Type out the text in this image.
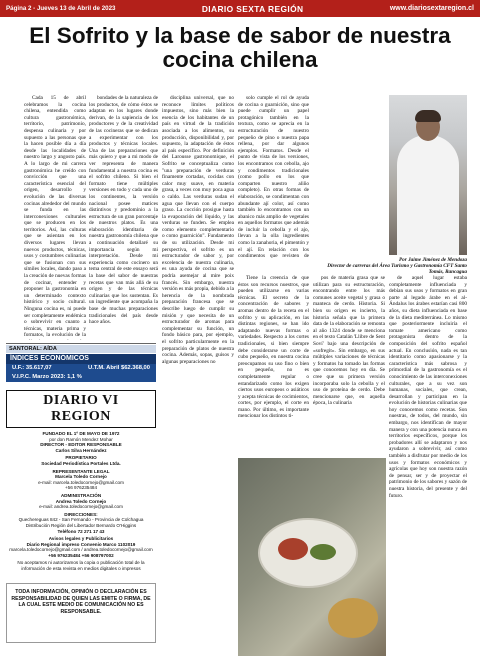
Página 2 - Jueves 13 de Abril de 2023	DIARIO SEXTA REGIÓN	www.diariosextaregion.cl
El Sofrito y la base de sabor de nuestra cocina chilena

Cada 15 de abril celebramos la cocina chilena, entendida como cultura gastronómica, territorio, patrimonio, despensa culinaria y por supuesto a las personas que la hacen posible día a día desde las localidades de nuestro largo y angosto país. A lo largo de mi carrera gastronómica he creído con convicción que una característica esencial del origen, desarrollo y evolución de las diversas cocinas alrededor del mundo se funda en las interconexiones culturales que se producen en los territorios. Así, las culturas que se asientan en los diversos lugares llevan nuevos productos, técnicas, usos y costumbres culinarias que se fusionan con sus símiles locales, dando paso a la creación de nuevas formas de cocinar, entender y proponer la gastronomía en un determinado contexto histórico y socio cultural. Ninguna cocina es, ni puede ser completamente endémica o sobrevivir en cuanto a técnicas, materia prima y formatos, la evolución de la

bondades de la naturaleza de los productos, de cómo éstos se adaptan en los lugares donde derivan, de la sapiencia de los productores y de la creatividad de las cocineras que se dedican a experimentar con los productos y técnicas locales. Una de las preparaciones que más quiero y que a mi modo de ver representa de manera fundamental a nuestra cocina es el sofrito chileno. Si bien el formato tiene múltiples versiones en todo y cada uno de los continentes, la versión nacional posee matices distintivos y predominio a la estructura de un gran porcentaje de nuestros platos. Es una elaboración identitaria de nuestra gastronomía chilena que a continuación detallaré su importancia según mi interpretación. Desde mi experiencia como cocinero un tema central de este ensayo será la base del sabor de nuestras recetas que van más allá de su origen y de las técnicas culinarias que los sustentan. Es un ingrediente que acompaña la base de muchas preparaciones tradicionales del país desde hace años.

disciplina universal, que no reconoce límites políticos impuestos, sino más bien la esencia de los habitantes de un país en virtud de la tradición asociada a los alimentos, su producción, disponibilidad y, por supuesto, la adaptación de éstos al país específico. Por definición del Larousse gastronomique, el Sofrito se conceptualiza como "una preparación de verduras finamente cortadas, cocidas con calor muy suave, en materia grasa, a veces con muy poca agua o caldo. Las verduras sudan el agua que llevan con el cuerpo graso. La cocción prosigue hasta la evaporación del líquido, y las verduras se funden. Se emplea como elemento complementario o como guarnición". Fundamento de su utilización. Desde mi perspectiva, el sofrito es un estructurador de sabor y, por excelencia de nuestra culinaria, es una ayuda de cocina que se podría asemejar al mire poix francés. Sin embargo, nuestra versión es más propia, debido a la herencia de la nombrada preparación francesa que se describe luego de cumplir su misión y que necesita de un estructurador de aromas para complementar su función, un fondo básico para, por ejemplo, el sofrito particularmente en la preparación de platos de nuestra cocina. Además, sopas, guisos y algunas preparaciones no

solo cumple el rol de ayuda de cocina o guarnición, sino que puede cumplir un papel protagónico también en la textura, como se aprecia en la estructuración de nuestro pequeño de pino o nuestra papa rellena, por dar algunos ejemplos. Formatos. Desde el punto de vista de los versiones, los encontramos con cebolla, ajo y condimentos tradicionales (como pollo en los que comparten nuestro aliño completo). En otras formas de elaboración, se condimentan con abundante ají color, así como también lo encontramos con un abanico más amplio de vegetales en aquellos formatos que además de incluir la cebolla y el ajo, llevan a la olla ingredientes como la zanahoria, el pimentón y el ají. En relación con los condimentos que revisten de

Por Jaime Jiménez de Mendoza
Director de carreras del Área Turismo y Gastronomía CFT Santo Tomás, Rancagua

Tiene la creencia de que éstos son recursos nuestros, que pueden utilizarse en varias técnicas. El secreto de la concentración de sabores y aromas dentro de la receta en el sofrito y su aplicación, en las distintas regiones, se han ido adaptando nuevas formas o variedades. Respecto a los cortes tradicionales, si bien siempre debe considerarse un corte de cubo pequeño, en nuestra cocina preocupamos su uso fino o bien en pequeño, no es completamente regular o estandarizado como los exigen ciertos usos europeos o asiáticos y acepta técnicas de cocimientos, cortes, por ejemplo, el corte en mano. Por último, es importante mencionar los distintos ti-

pos de materia grasa que se utilizan para su estructuración, encontrando entre los más comunes aceite vegetal y grasa o manteca de cerdo. Historia. Si bien su origen es incierto, la historia señala que la primera data de la elaboración se remonta al año 1324 donde se menciona en el texto Catalán 'Llibre de Sent Soví' bajo una descripción de «sofregit». Sin embargo, en sus múltiples variaciones de técnicas y formatos ha tomado las formas que conocemos hoy en día. Se cree que su primera versión incorporaba solo la cebolla y el uso de proteína de cerdo. Debe mencionarse que, en aquella época, la culinaria

de aquel lugar estaba completamente influenciada y debían sus usos y formatos en gran parte al legado árabe en el al-Ándalus los árabes estarían casi 800 años, su dieta influenciada en base de la dieta mediterránea. Lo mismo que posteriormente incluiría el tomate americano como protagonista dentro de la composición del sofrito español actual. En conclusión, nada es tan identitario como apasionarse y la característica más sabrosa y primordial de la gastronomía es el conocimiento de las interconexiones culturales, que a su vez son humanas, sociales, que crean, desarrollan y participan en la evolución de historias culinarias que hoy conocemos como recetas. Son nuestras, de todos, del mundo, sin embargo, nos identifican de mayor manera y con una potencia nunca en territorios específicos, porque los probadores allí se adaptaron y nos ayudaron a sobrevivir, así como también a disfrutar por medio de los usos y formatos económicos y agrícolas que hoy son nuestra razón de pensar, ser y de proyectar el patrimonio de los sabores y sazón de nuestra historia, del presente y del futuro.

SANTORAL: AÍDA
ÍNDICES ECONÓMICOS
U.F.: 35.617,07	U.T.M. Abril $62.368,00
V.I.P.C. Marzo 2023: 1,1 %
DIARIO VI REGION
FUNDADO EL 1º DE MAYO DE 1972
por don Ramón Mendez Mohar
DIRECTOR - EDITOR RESPONSABLE
Carlos Silva Hernández
PROPIETARIO
Sociedad Periodística Portales Ltda.
REPRESENTANTE LEGAL
Marcela Toledo Cornejo
e-mail: marcela.toledocornejo@gmail.com
+56 976235484
ADMINISTRACIÓN
Andrea Toledo Cornejo
e-mail: andrea.toledocornejo@gmail.com
DIRECCIONES:
Quechereguas 842 - San Fernando - Provincia de Colchagua
Distribución Región del Libertador Bernardo O'Higgins
Teléfono 72 271 17 43
Avisos legales y Publicitarios
Diario Regional impreso Convenio Marco 1102019
marcela.toledocornejo@gmail.com / andrea.toledocornejo@gmail.com
+56 976235484 +56 908797002
No aceptamos ni autorizamos la copia o publicación total de la información de esta revista en medios digitales o impresos
TODA INFORMACIÓN, OPINIÓN O DECLARACIÓN ES RESPONSABILIDAD DE QUIEN LAS EMITE O FIRMA, DE LA CUAL ESTE MEDIO DE COMUNICACIÓN NO ES RESPONSABLE.
